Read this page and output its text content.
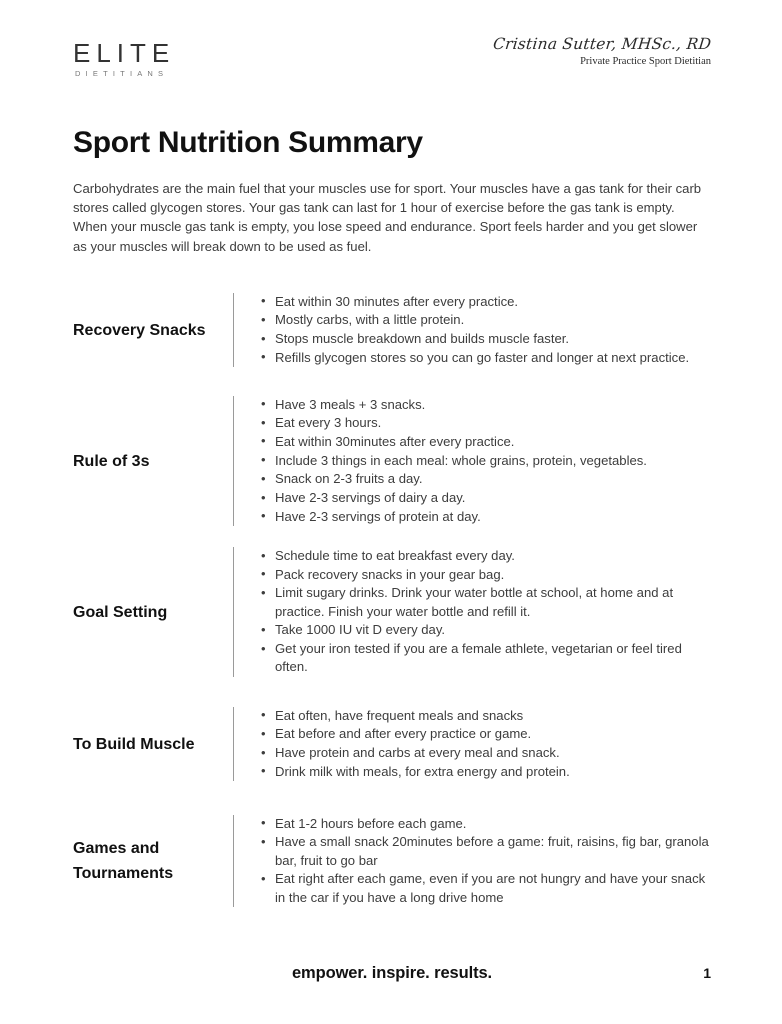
ELITE
DIETITIANS
Cristina Sutter, MHSc., RD
Private Practice Sport Dietitian
Sport Nutrition Summary

Carbohydrates are the main fuel that your muscles use for sport. Your muscles have a gas tank for their carb stores called glycogen stores. Your gas tank can last for 1 hour of exercise before the gas tank is empty. When your muscle gas tank is empty, you lose speed and endurance. Sport feels harder and you get slower as your muscles will break down to be used as fuel.

Recovery Snacks
• Eat within 30 minutes after every practice.
• Mostly carbs, with a little protein.
• Stops muscle breakdown and builds muscle faster.
• Refills glycogen stores so you can go faster and longer at next practice.
Rule of 3s
• Have 3 meals + 3 snacks.
• Eat every 3 hours.
• Eat within 30minutes after every practice.
• Include 3 things in each meal: whole grains, protein, vegetables.
• Snack on 2-3 fruits a day.
• Have 2-3 servings of dairy a day.
• Have 2-3 servings of protein at day.
Goal Setting
• Schedule time to eat breakfast every day.
• Pack recovery snacks in your gear bag.
• Limit sugary drinks. Drink your water bottle at school, at home and at practice. Finish your water bottle and refill it.
• Take 1000 IU vit D every day.
• Get your iron tested if you are a female athlete, vegetarian or feel tired often.
To Build Muscle
• Eat often, have frequent meals and snacks
• Eat before and after every practice or game.
• Have protein and carbs at every meal and snack.
• Drink milk with meals, for extra energy and protein.
Games and Tournaments
• Eat 1-2 hours before each game.
• Have a small snack 20minutes before a game: fruit, raisins, fig bar, granola bar, fruit to go bar
• Eat right after each game, even if you are not hungry and have your snack in the car if you have a long drive home
empower. inspire. results.	1
